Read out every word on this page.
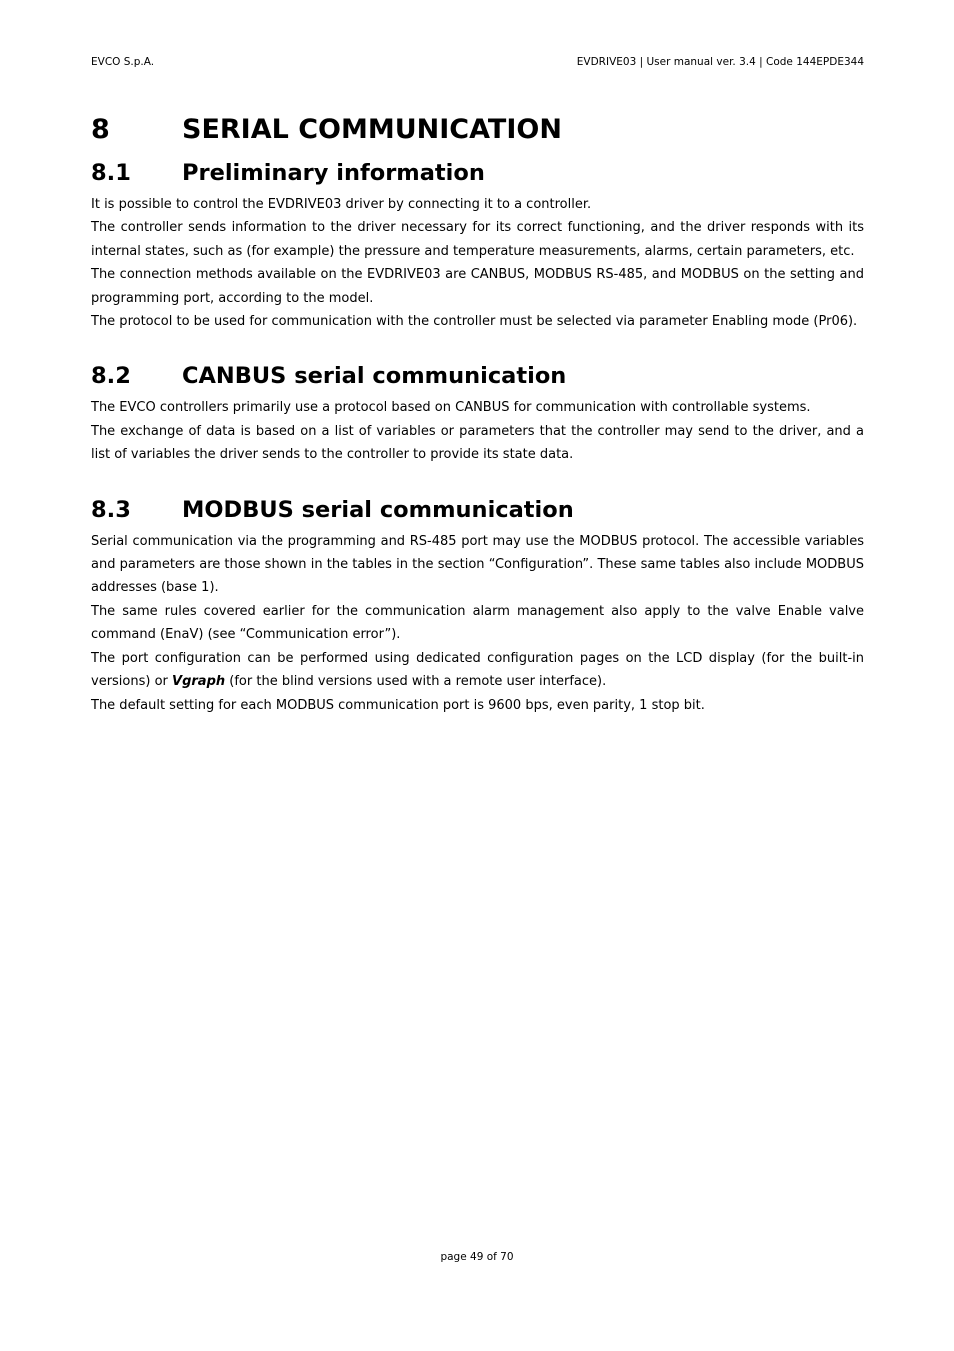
EVCO S.p.A.	EVDRIVE03 | User manual ver. 3.4 | Code 144EPDE344
8	SERIAL COMMUNICATION
8.1	Preliminary information

It is possible to control the EVDRIVE03 driver by connecting it to a controller.

The controller sends information to the driver necessary for its correct functioning, and the driver responds with its internal states, such as (for example) the pressure and temperature measurements, alarms, certain parameters, etc.

The connection methods available on the EVDRIVE03 are CANBUS, MODBUS RS-485, and MODBUS on the setting and programming port, according to the model.

The protocol to be used for communication with the controller must be selected via parameter Enabling mode (Pr06).

8.2	CANBUS serial communication

The EVCO controllers primarily use a protocol based on CANBUS for communication with controllable systems.

The exchange of data is based on a list of variables or parameters that the controller may send to the driver, and a list of variables the driver sends to the controller to provide its state data.

8.3	MODBUS serial communication

Serial communication via the programming and RS-485 port may use the MODBUS protocol. The accessible variables and parameters are those shown in the tables in the section “Configuration”. These same tables also include MODBUS addresses (base 1).

The same rules covered earlier for the communication alarm management also apply to the valve Enable valve command (EnaV) (see “Communication error”).

The port configuration can be performed using dedicated configuration pages on the LCD display (for the built-in versions) or Vgraph (for the blind versions used with a remote user interface).

The default setting for each MODBUS communication port is 9600 bps, even parity, 1 stop bit.

page 49 of 70
